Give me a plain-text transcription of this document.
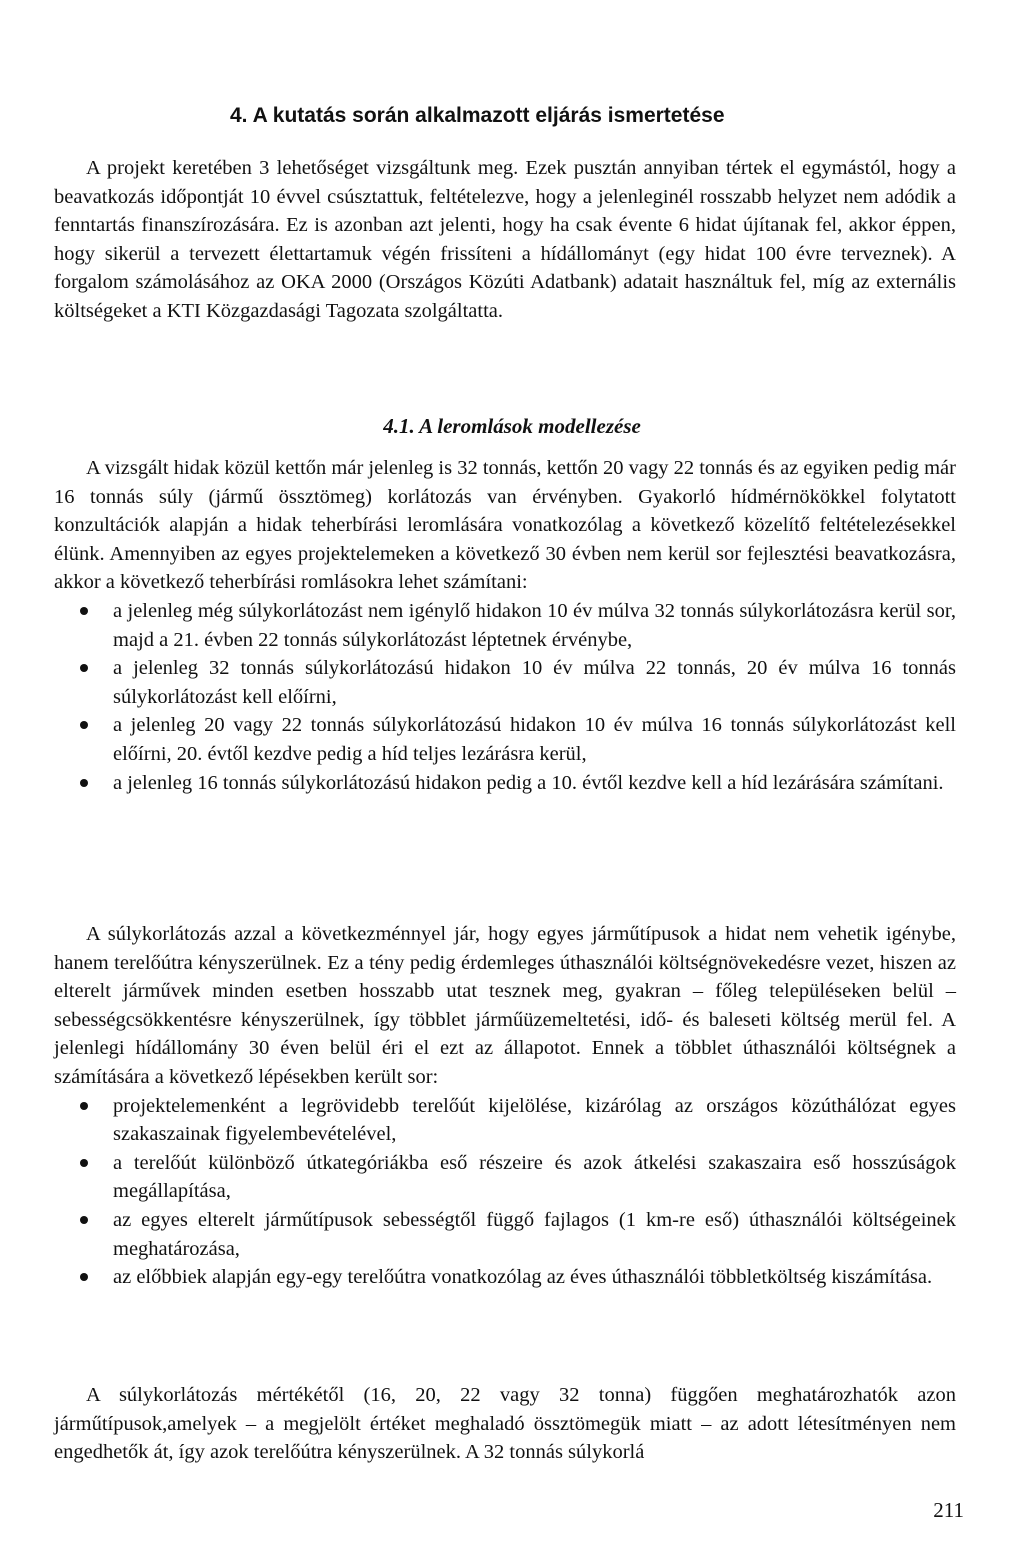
4. A kutatás során alkalmazott eljárás ismertetése

A projekt keretében 3 lehetőséget vizsgáltunk meg. Ezek pusztán annyiban tértek el egymástól, hogy a beavatkozás időpontját 10 évvel csúsztattuk, feltételezve, hogy a jelenleginél rosszabb helyzet nem adódik a fenntartás finanszírozására. Ez is azonban azt jelenti, hogy ha csak évente 6 hidat újítanak fel, akkor éppen, hogy sikerül a tervezett élettartamuk végén frissíteni a hídállományt (egy hidat 100 évre terveznek). A forgalom számolásához az OKA 2000 (Országos Közúti Adatbank) adatait használtuk fel, míg az externális költségeket a KTI Közgazdasági Tagozata szolgáltatta.

4.1. A leromlások modellezése

A vizsgált hidak közül kettőn már jelenleg is 32 tonnás, kettőn 20 vagy 22 tonnás és az egyiken pedig már 16 tonnás súly (jármű össztömeg) korlátozás van érvényben. Gyakorló hídmérnökökkel folytatott konzultációk alapján a hidak teherbírási leromlására vonatkozólag a következő közelítő feltételezésekkel élünk. Amennyiben az egyes projektelemeken a következő 30 évben nem kerül sor fejlesztési beavatkozásra, akkor a következő teherbírási romlásokra lehet számítani:

a jelenleg még súlykorlátozást nem igénylő hidakon 10 év múlva 32 tonnás súlykorlátozásra kerül sor, majd a 21. évben 22 tonnás súlykorlátozást léptetnek érvénybe,
a jelenleg 32 tonnás súlykorlátozású hidakon 10 év múlva 22 tonnás, 20 év múlva 16 tonnás súlykorlátozást kell előírni,
a jelenleg 20 vagy 22 tonnás súlykorlátozású hidakon 10 év múlva 16 tonnás súlykorlátozást kell előírni, 20. évtől kezdve pedig a híd teljes lezárásra kerül,
a jelenleg 16 tonnás súlykorlátozású hidakon pedig a 10. évtől kezdve kell a híd lezárására számítani.

A súlykorlátozás azzal a következménnyel jár, hogy egyes járműtípusok a hidat nem vehetik igénybe, hanem terelőútra kényszerülnek. Ez a tény pedig érdemleges úthasználói költségnövekedésre vezet, hiszen az elterelt járművek minden esetben hosszabb utat tesznek meg, gyakran – főleg településeken belül – sebességcsökkentésre kényszerülnek, így többlet járműüzemeltetési, idő- és baleseti költség merül fel. A jelenlegi hídállomány 30 éven belül éri el ezt az állapotot. Ennek a többlet úthasználói költségnek a számítására a következő lépésekben került sor:

projektelemenként a legrövidebb terelőút kijelölése, kizárólag az országos közúthálózat egyes szakaszainak figyelembevételével,
a terelőút különböző útkategóriákba eső részeire és azok átkelési szakaszaira eső hosszúságok megállapítása,
az egyes elterelt járműtípusok sebességtől függő fajlagos (1 km-re eső) úthasználói költségeinek meghatározása,
az előbbiek alapján egy-egy terelőútra vonatkozólag az éves úthasználói többletköltség kiszámítása.

A súlykorlátozás mértékétől (16, 20, 22 vagy 32 tonna) függően meghatározhatók azon járműtípusok,amelyek – a megjelölt értéket meghaladó össztömegük miatt – az adott létesítményen nem engedhetők át, így azok terelőútra kényszerülnek. A 32 tonnás súlykorlá

211
